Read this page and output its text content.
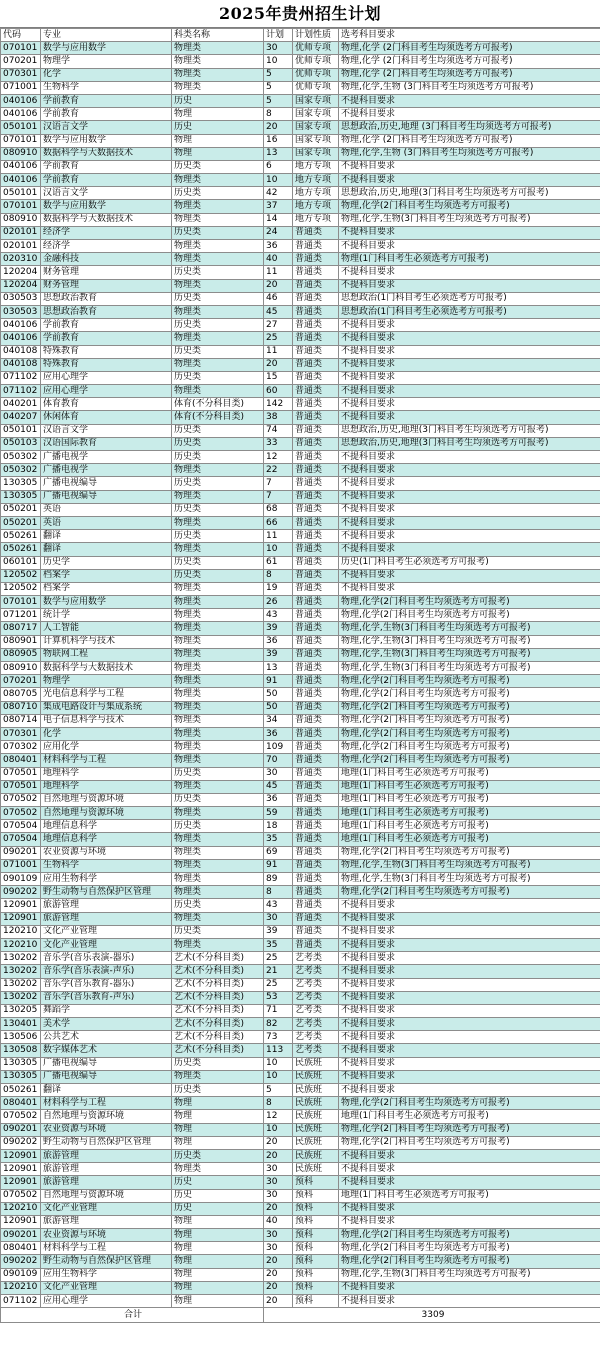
2025年贵州招生计划
代码	专业	科类名称	计划	计划性质	选考科目要求
070101	数学与应用数学	物理类	30	优师专项	物理,化学 (2门科目考生均须选考方可报考)
070201	物理学	物理类	10	优师专项	物理,化学 (2门科目考生均须选考方可报考)
070301	化学	物理类	5	优师专项	物理,化学 (2门科目考生均须选考方可报考)
071001	生物科学	物理类	5	优师专项	物理,化学,生物 (3门科目考生均须选考方可报考)
040106	学前教育	历史	5	国家专项	不提科目要求
040106	学前教育	物理	8	国家专项	不提科目要求
050101	汉语言文学	历史	20	国家专项	思想政治,历史,地理 (3门科目考生均须选考方可报考)
070101	数学与应用数学	物理	16	国家专项	物理,化学 (2门科目考生均须选考方可报考)
080910	数据科学与大数据技术	物理	13	国家专项	物理,化学,生物 (3门科目考生均须选考方可报考)
040106	学前教育	历史类	6	地方专项	不提科目要求
040106	学前教育	物理类	10	地方专项	不提科目要求
050101	汉语言文学	历史类	42	地方专项	思想政治,历史,地理(3门科目考生均须选考方可报考)
070101	数学与应用数学	物理类	37	地方专项	物理,化学(2门科目考生均须选考方可报考)
080910	数据科学与大数据技术	物理类	14	地方专项	物理,化学,生物(3门科目考生均须选考方可报考)
020101	经济学	历史类	24	普通类	不提科目要求
020101	经济学	物理类	36	普通类	不提科目要求
020310	金融科技	物理类	40	普通类	物理(1门科目考生必须选考方可报考)
120204	财务管理	历史类	11	普通类	不提科目要求
120204	财务管理	物理类	20	普通类	不提科目要求
030503	思想政治教育	历史类	46	普通类	思想政治(1门科目考生必须选考方可报考)
030503	思想政治教育	物理类	45	普通类	思想政治(1门科目考生必须选考方可报考)
040106	学前教育	历史类	27	普通类	不提科目要求
040106	学前教育	物理类	25	普通类	不提科目要求
040108	特殊教育	历史类	11	普通类	不提科目要求
040108	特殊教育	物理类	20	普通类	不提科目要求
071102	应用心理学	历史类	15	普通类	不提科目要求
071102	应用心理学	物理类	60	普通类	不提科目要求
040201	体育教育	体育(不分科目类)	142	普通类	不提科目要求
040207	休闲体育	体育(不分科目类)	38	普通类	不提科目要求
050101	汉语言文学	历史类	74	普通类	思想政治,历史,地理(3门科目考生均须选考方可报考)
050103	汉语国际教育	历史类	33	普通类	思想政治,历史,地理(3门科目考生均须选考方可报考)
050302	广播电视学	历史类	12	普通类	不提科目要求
050302	广播电视学	物理类	22	普通类	不提科目要求
130305	广播电视编导	历史类	7	普通类	不提科目要求
130305	广播电视编导	物理类	7	普通类	不提科目要求
050201	英语	历史类	68	普通类	不提科目要求
050201	英语	物理类	66	普通类	不提科目要求
050261	翻译	历史类	11	普通类	不提科目要求
050261	翻译	物理类	10	普通类	不提科目要求
060101	历史学	历史类	61	普通类	历史(1门科目考生必须选考方可报考)
120502	档案学	历史类	8	普通类	不提科目要求
120502	档案学	物理类	19	普通类	不提科目要求
070101	数学与应用数学	物理类	26	普通类	物理,化学(2门科目考生均须选考方可报考)
071201	统计学	物理类	43	普通类	物理,化学(2门科目考生均须选考方可报考)
080717	人工智能	物理类	39	普通类	物理,化学,生物(3门科目考生均须选考方可报考)
080901	计算机科学与技术	物理类	36	普通类	物理,化学,生物(3门科目考生均须选考方可报考)
080905	物联网工程	物理类	39	普通类	物理,化学,生物(3门科目考生均须选考方可报考)
080910	数据科学与大数据技术	物理类	13	普通类	物理,化学,生物(3门科目考生均须选考方可报考)
070201	物理学	物理类	91	普通类	物理,化学(2门科目考生均须选考方可报考)
080705	光电信息科学与工程	物理类	50	普通类	物理,化学(2门科目考生均须选考方可报考)
080710	集成电路设计与集成系统	物理类	50	普通类	物理,化学(2门科目考生均须选考方可报考)
080714	电子信息科学与技术	物理类	34	普通类	物理,化学(2门科目考生均须选考方可报考)
070301	化学	物理类	36	普通类	物理,化学(2门科目考生均须选考方可报考)
070302	应用化学	物理类	109	普通类	物理,化学(2门科目考生均须选考方可报考)
080401	材料科学与工程	物理类	70	普通类	物理,化学(2门科目考生均须选考方可报考)
070501	地理科学	历史类	30	普通类	地理(1门科目考生必须选考方可报考)
070501	地理科学	物理类	45	普通类	地理(1门科目考生必须选考方可报考)
070502	自然地理与资源环境	历史类	36	普通类	地理(1门科目考生必须选考方可报考)
070502	自然地理与资源环境	物理类	59	普通类	地理(1门科目考生必须选考方可报考)
070504	地理信息科学	历史类	18	普通类	地理(1门科目考生必须选考方可报考)
070504	地理信息科学	物理类	35	普通类	地理(1门科目考生必须选考方可报考)
090201	农业资源与环境	物理类	69	普通类	物理,化学(2门科目考生均须选考方可报考)
071001	生物科学	物理类	91	普通类	物理,化学,生物(3门科目考生均须选考方可报考)
090109	应用生物科学	物理类	89	普通类	物理,化学,生物(3门科目考生均须选考方可报考)
090202	野生动物与自然保护区管理	物理类	8	普通类	物理,化学(2门科目考生均须选考方可报考)
120901	旅游管理	历史类	43	普通类	不提科目要求
120901	旅游管理	物理类	30	普通类	不提科目要求
120210	文化产业管理	历史类	39	普通类	不提科目要求
120210	文化产业管理	物理类	35	普通类	不提科目要求
130202	音乐学(音乐表演-器乐)	艺术(不分科目类)	25	艺考类	不提科目要求
130202	音乐学(音乐表演-声乐)	艺术(不分科目类)	21	艺考类	不提科目要求
130202	音乐学(音乐教育-器乐)	艺术(不分科目类)	25	艺考类	不提科目要求
130202	音乐学(音乐教育-声乐)	艺术(不分科目类)	53	艺考类	不提科目要求
130205	舞蹈学	艺术(不分科目类)	71	艺考类	不提科目要求
130401	美术学	艺术(不分科目类)	82	艺考类	不提科目要求
130506	公共艺术	艺术(不分科目类)	73	艺考类	不提科目要求
130508	数字媒体艺术	艺术(不分科目类)	113	艺考类	不提科目要求
130305	广播电视编导	历史类	10	民族班	不提科目要求
130305	广播电视编导	物理类	10	民族班	不提科目要求
050261	翻译	历史类	5	民族班	不提科目要求
080401	材料科学与工程	物理	8	民族班	物理,化学(2门科目考生均须选考方可报考)
070502	自然地理与资源环境	物理	12	民族班	地理(1门科目考生必须选考方可报考)
090201	农业资源与环境	物理	10	民族班	物理,化学(2门科目考生均须选考方可报考)
090202	野生动物与自然保护区管理	物理	20	民族班	物理,化学(2门科目考生均须选考方可报考)
120901	旅游管理	历史类	20	民族班	不提科目要求
120901	旅游管理	物理类	30	民族班	不提科目要求
120901	旅游管理	历史	30	预科	不提科目要求
070502	自然地理与资源环境	历史	30	预科	地理(1门科目考生必须选考方可报考)
120210	文化产业管理	历史	20	预科	不提科目要求
120901	旅游管理	物理	40	预科	不提科目要求
090201	农业资源与环境	物理	30	预科	物理,化学(2门科目考生均须选考方可报考)
080401	材料科学与工程	物理	30	预科	物理,化学(2门科目考生均须选考方可报考)
090202	野生动物与自然保护区管理	物理	20	预科	物理,化学(2门科目考生均须选考方可报考)
090109	应用生物科学	物理	20	预科	物理,化学,生物(3门科目考生均须选考方可报考)
120210	文化产业管理	物理	20	预科	不提科目要求
071102	应用心理学	物理	20	预科	不提科目要求
合计			3309		
